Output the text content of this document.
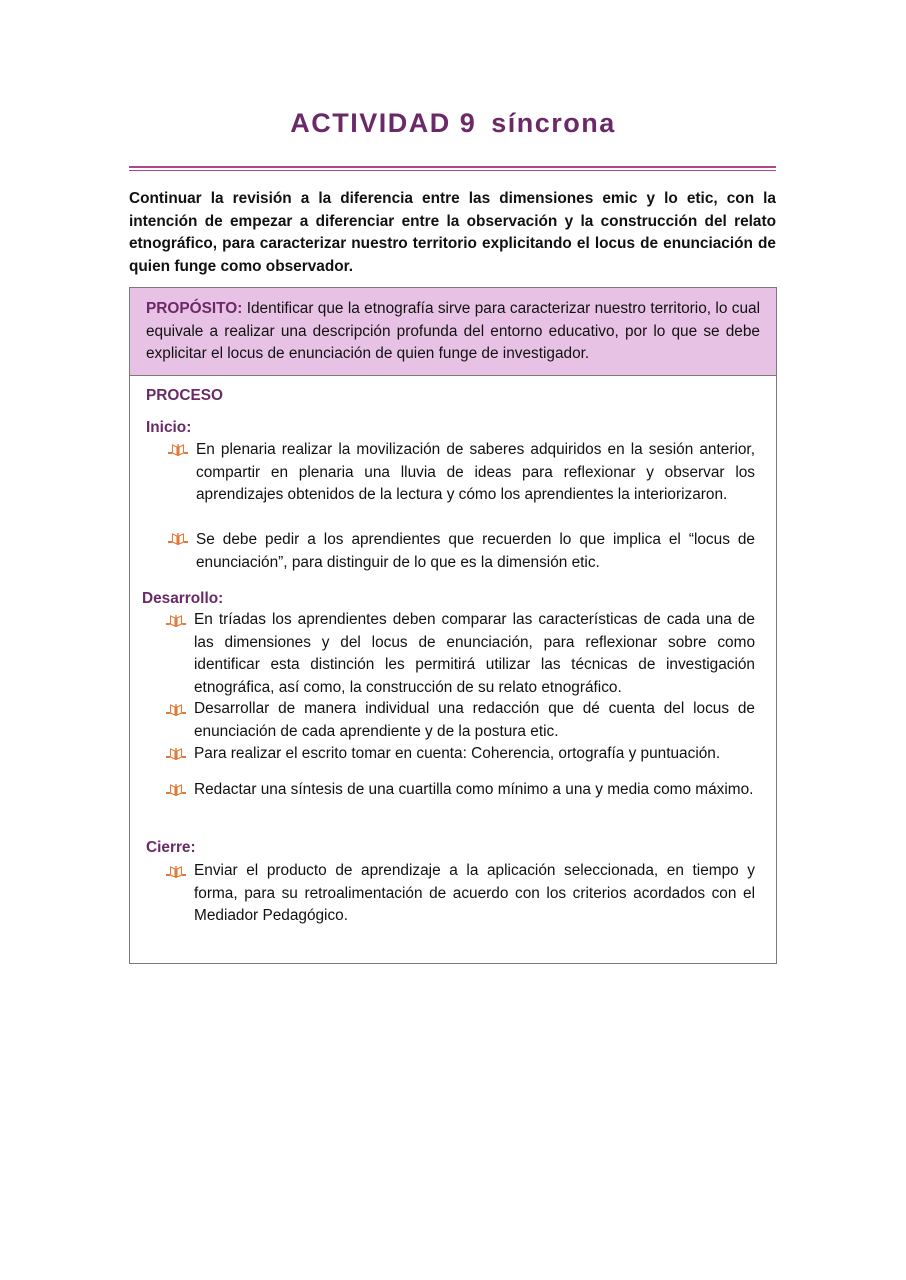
ACTIVIDAD 9 síncrona
Continuar la revisión a la diferencia entre las dimensiones emic y lo etic, con la intención de empezar a diferenciar entre la observación y la construcción del relato etnográfico, para caracterizar nuestro territorio explicitando el locus de enunciación de quien funge como observador.

PROPÓSITO: Identificar que la etnografía sirve para caracterizar nuestro territorio, lo cual equivale a realizar una descripción profunda del entorno educativo, por lo que se debe explicitar el locus de enunciación de quien funge de investigador.

PROCESO
Inicio:
En plenaria realizar la movilización de saberes adquiridos en la sesión anterior, compartir en plenaria una lluvia de ideas para reflexionar y observar los aprendizajes obtenidos de la lectura y cómo los aprendientes la interiorizaron.
Se debe pedir a los aprendientes que recuerden lo que implica el “locus de enunciación”, para distinguir de lo que es la dimensión etic.
Desarrollo:
En tríadas los aprendientes deben comparar las características de cada una de las dimensiones y del locus de enunciación, para reflexionar sobre como identificar esta distinción les permitirá utilizar las técnicas de investigación etnográfica, así como, la construcción de su relato etnográfico.
Desarrollar de manera individual una redacción que dé cuenta del locus de enunciación de cada aprendiente y de la postura etic.
Para realizar el escrito tomar en cuenta: Coherencia, ortografía y puntuación.
Redactar una síntesis de una cuartilla como mínimo a una y media como máximo.
Cierre:
Enviar el producto de aprendizaje a la aplicación seleccionada, en tiempo y forma, para su retroalimentación de acuerdo con los criterios acordados con el Mediador Pedagógico.
